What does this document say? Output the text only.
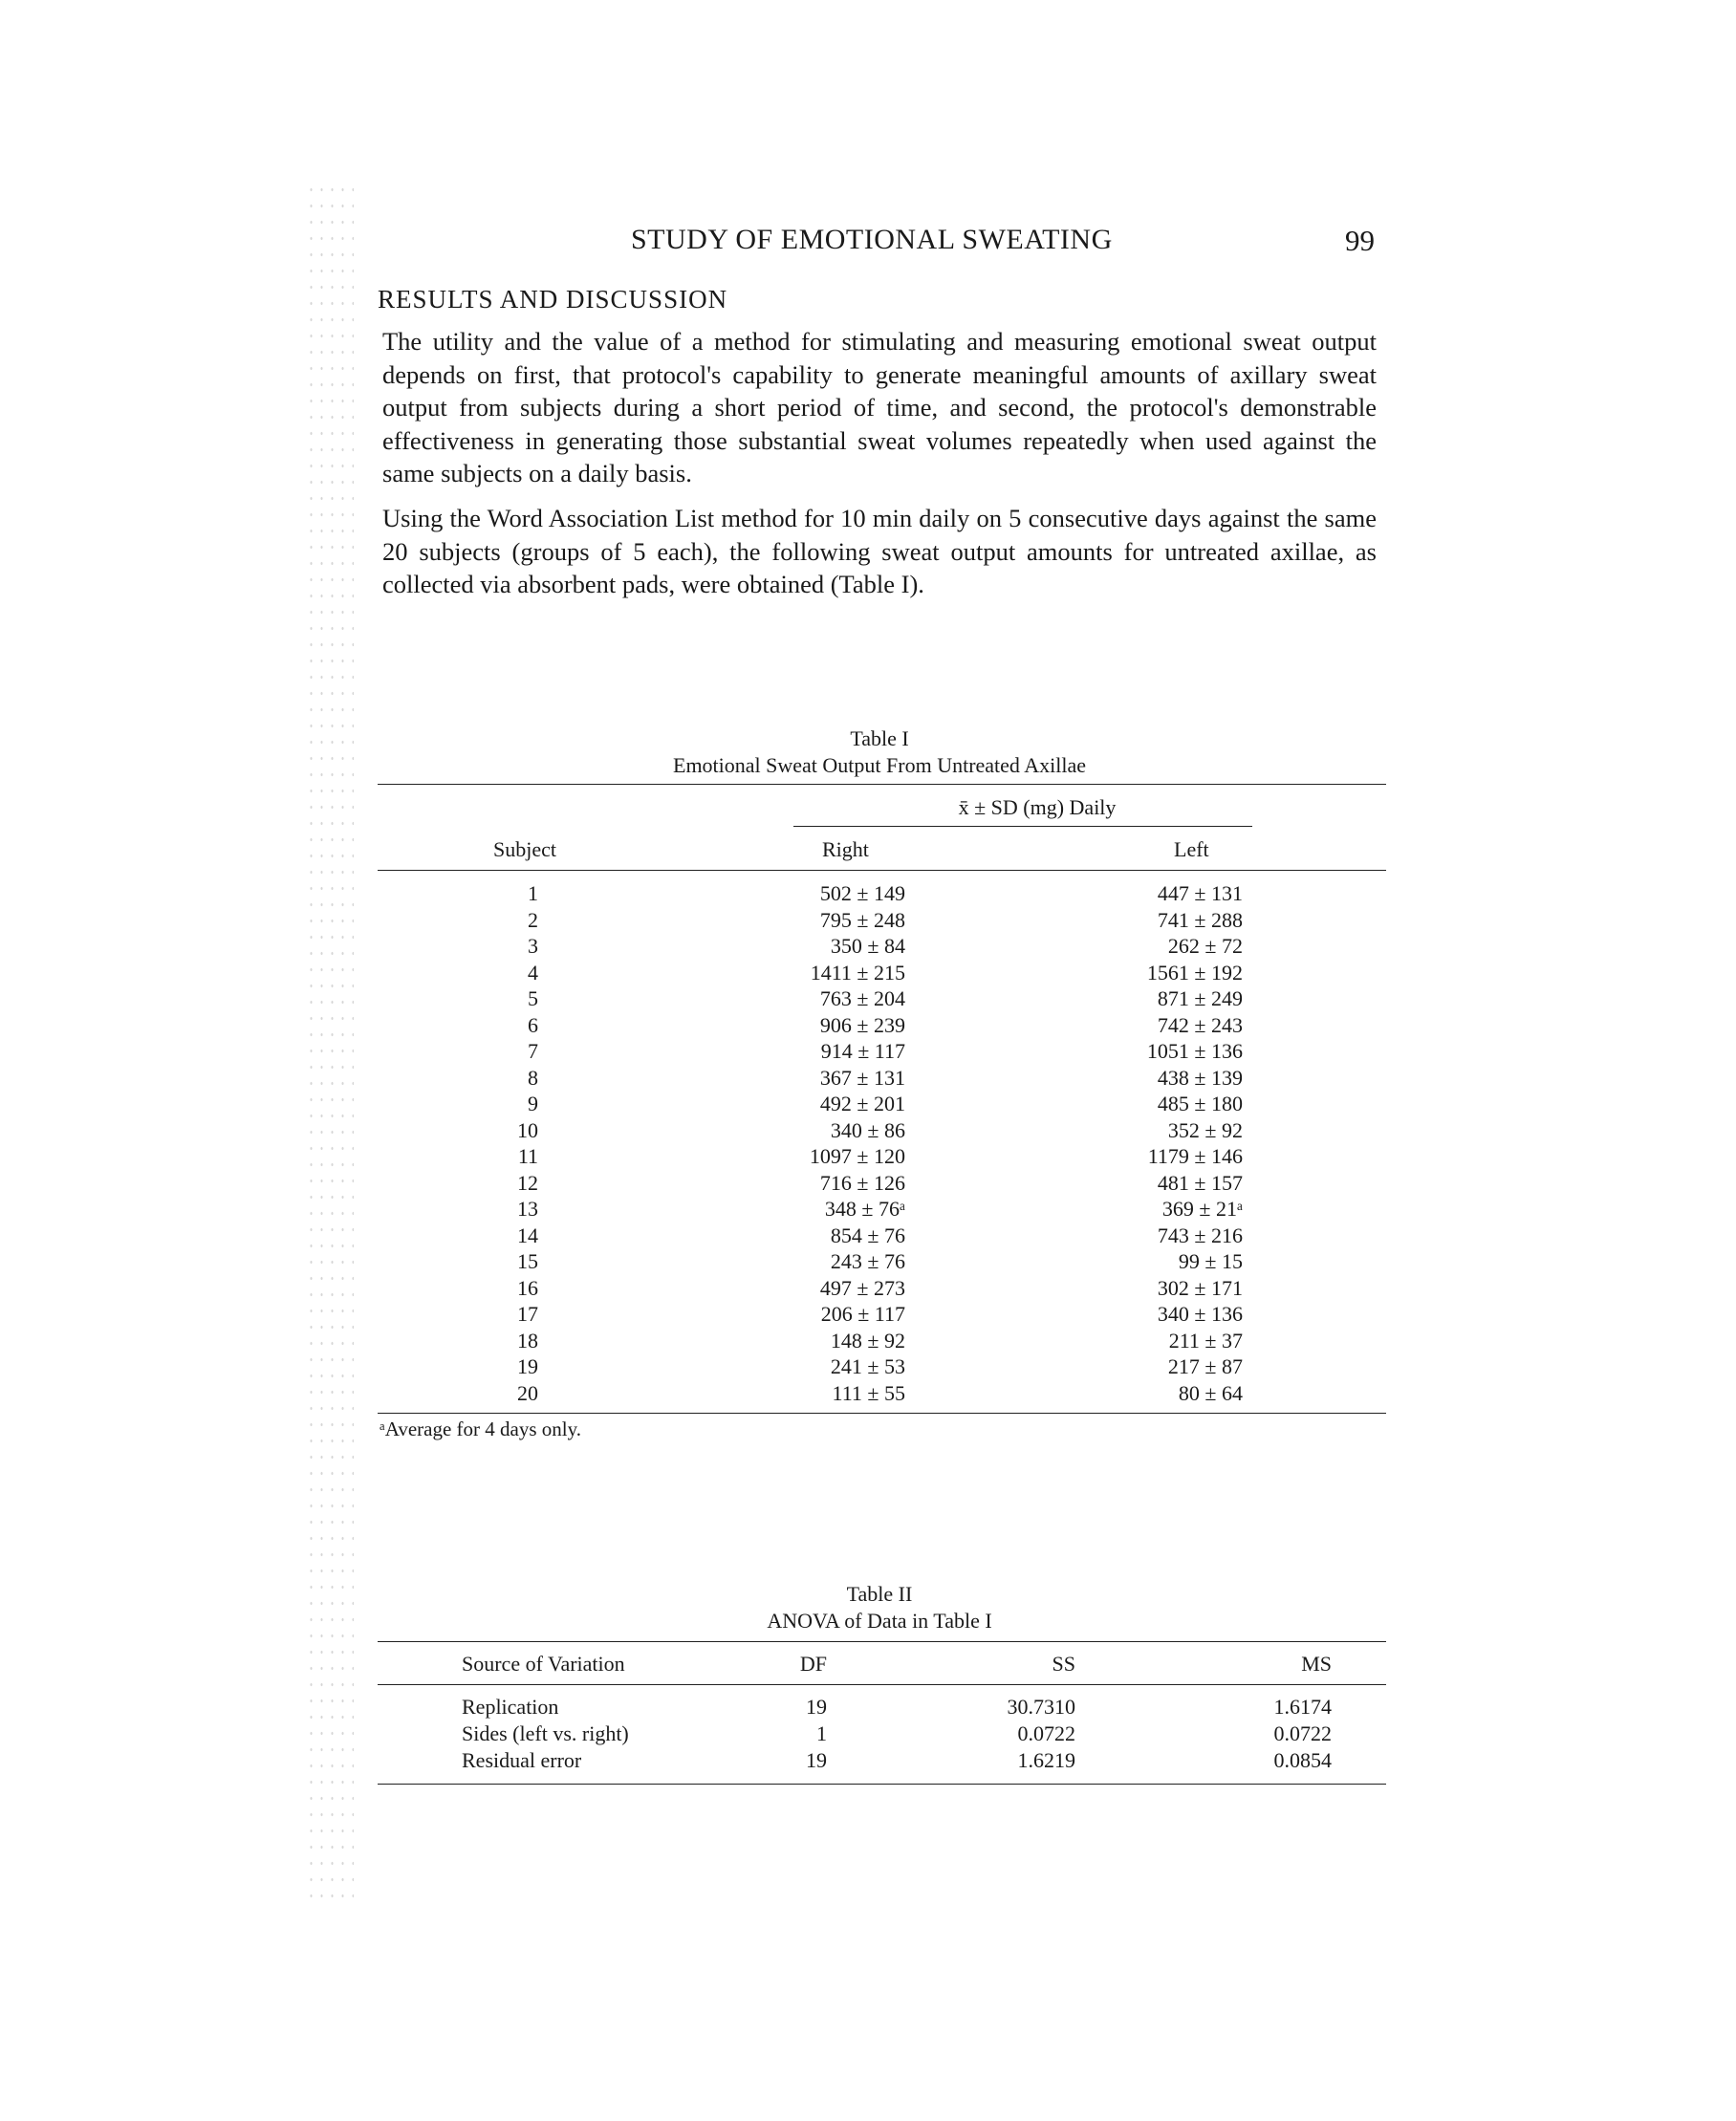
STUDY OF EMOTIONAL SWEATING	99
RESULTS AND DISCUSSION

The utility and the value of a method for stimulating and measuring emotional sweat output depends on first, that protocol's capability to generate meaningful amounts of axillary sweat output from subjects during a short period of time, and second, the protocol's demonstrable effectiveness in generating those substantial sweat volumes repeatedly when used against the same subjects on a daily basis.

Using the Word Association List method for 10 min daily on 5 consecutive days against the same 20 subjects (groups of 5 each), the following sweat output amounts for untreated axillae, as collected via absorbent pads, were obtained (Table I).

Table I
Emotional Sweat Output From Untreated Axillae
x̄ ± SD (mg) Daily
Subject	Right	Left
1	502 ± 149	447 ± 131
2	795 ± 248	741 ± 288
3	350 ± 84	262 ± 72
4	1411 ± 215	1561 ± 192
5	763 ± 204	871 ± 249
6	906 ± 239	742 ± 243
7	914 ± 117	1051 ± 136
8	367 ± 131	438 ± 139
9	492 ± 201	485 ± 180
10	340 ± 86	352 ± 92
11	1097 ± 120	1179 ± 146
12	716 ± 126	481 ± 157
13	348 ± 76ᵃ	369 ± 21ᵃ
14	854 ± 76	743 ± 216
15	243 ± 76	99 ± 15
16	497 ± 273	302 ± 171
17	206 ± 117	340 ± 136
18	148 ± 92	211 ± 37
19	241 ± 53	217 ± 87
20	111 ± 55	80 ± 64
ᵃAverage for 4 days only.
Table II
ANOVA of Data in Table I
Source of Variation	DF	SS	MS
Replication	19	30.7310	1.6174
Sides (left vs. right)	1	0.0722	0.0722
Residual error	19	1.6219	0.0854
